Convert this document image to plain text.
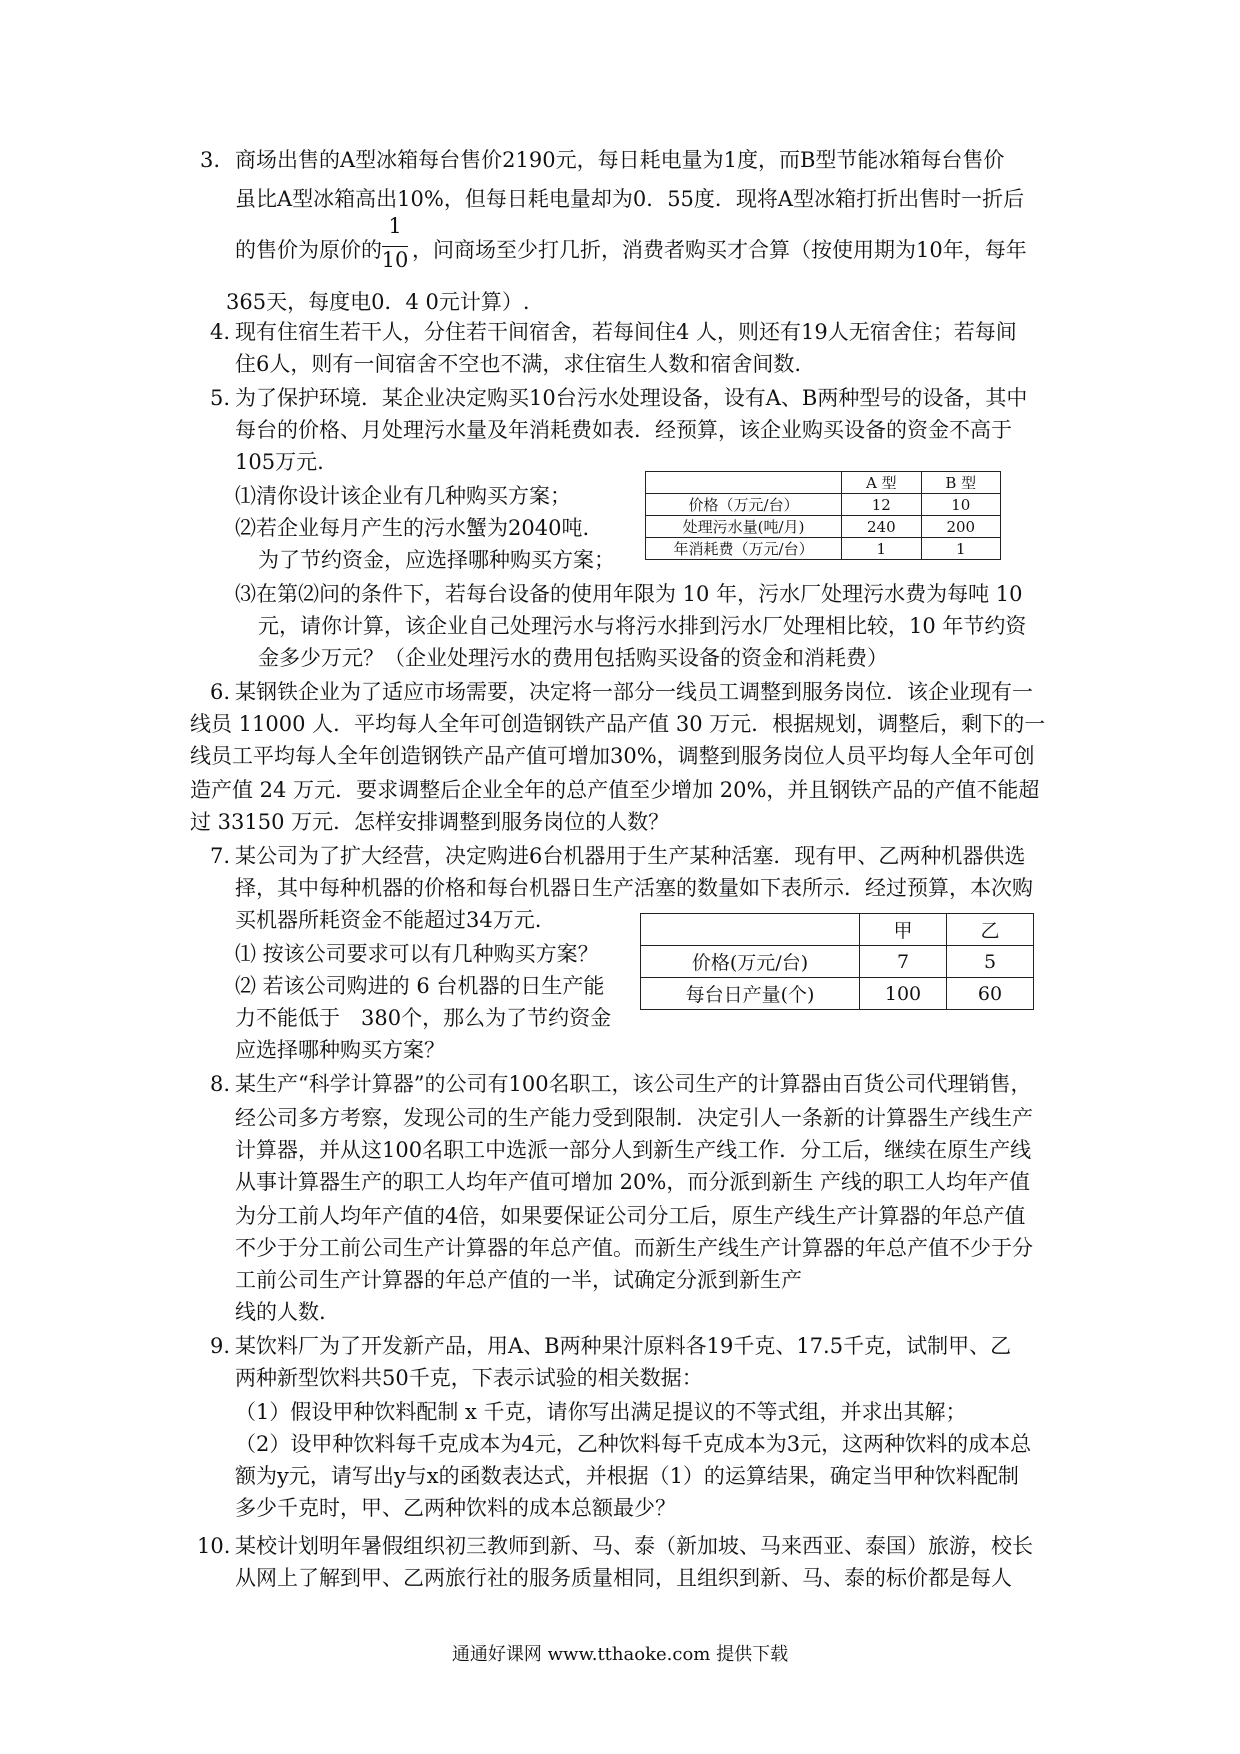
3. 商场出售的A型冰箱每台售价2190元，每日耗电量为1度，而B型节能冰箱每台售价
虽比A型冰箱高出10%，但每日耗电量却为0．55度．现将A型冰箱打折出售时一折后
的售价为原价的
1
10 ，问商场至少打几折，消费者购买才合算（按使用期为10年，每年
365天，每度电0．4 0元计算）.
4. 现有住宿生若干人，分住若干间宿舍，若每间住4 人，则还有19人无宿舍住；若每间
住6人，则有一间宿舍不空也不满，求住宿生人数和宿舍间数.
5. 为了保护环境．某企业决定购买10台污水处理设备，设有A、B两种型号的设备，其中
每台的价格、月处理污水量及年消耗费如表．经预算，该企业购买设备的资金不高于
105万元.
⑴清你设计该企业有几种购买方案；
⑵若企业每月产生的污水蟹为2040吨.
为了节约资金，应选择哪种购买方案；
	A 型	B 型
价格（万元/台）	12	10
处理污水量(吨/月)	240	200
年消耗费（万元/台）	1	1
⑶在第⑵问的条件下，若每台设备的使用年限为 10 年，污水厂处理污水费为每吨 10
元，请你计算，该企业自己处理污水与将污水排到污水厂处理相比较，10 年节约资
金多少万元？（企业处理污水的费用包括购买设备的资金和消耗费）
6. 某钢铁企业为了适应市场需要，决定将一部分一线员工调整到服务岗位．该企业现有一
线员 11000 人．平均每人全年可创造钢铁产品产值 30 万元．根据规划，调整后，剩下的一
线员工平均每人全年创造钢铁产品产值可增加30%，调整到服务岗位人员平均每人全年可创
造产值 24 万元．要求调整后企业全年的总产值至少增加 20%，并且钢铁产品的产值不能超
过 33150 万元．怎样安排调整到服务岗位的人数？
7. 某公司为了扩大经营，决定购进6台机器用于生产某种活塞．现有甲、乙两种机器供选
择，其中每种机器的价格和每台机器日生产活塞的数量如下表所示．经过预算，本次购
买机器所耗资金不能超过34万元.
⑴ 按该公司要求可以有几种购买方案？
⑵ 若该公司购进的 6 台机器的日生产能
力不能低于　380个，那么为了节约资金
应选择哪种购买方案？
	甲	乙
价格(万元/台)	7	5
每台日产量(个)	100	60
8. 某生产“科学计算器”的公司有100名职工，该公司生产的计算器由百货公司代理销售，
经公司多方考察，发现公司的生产能力受到限制．决定引人一条新的计算器生产线生产
计算器，并从这100名职工中选派一部分人到新生产线工作．分工后，继续在原生产线
从事计算器生产的职工人均年产值可增加 20%，而分派到新生 产线的职工人均年产值
为分工前人均年产值的4倍，如果要保证公司分工后，原生产线生产计算器的年总产值
不少于分工前公司生产计算器的年总产值。而新生产线生产计算器的年总产值不少于分
工前公司生产计算器的年总产值的一半，试确定分派到新生产
线的人数.
9. 某饮料厂为了开发新产品，用A、B两种果汁原料各19千克、17.5千克，试制甲、乙
两种新型饮料共50千克，下表示试验的相关数据：
（1）假设甲种饮料配制 x 千克，请你写出满足提议的不等式组，并求出其解；
（2）设甲种饮料每千克成本为4元，乙种饮料每千克成本为3元，这两种饮料的成本总
额为y元，请写出y与x的函数表达式，并根据（1）的运算结果，确定当甲种饮料配制
多少千克时，甲、乙两种饮料的成本总额最少？
10. 某校计划明年暑假组织初三教师到新、马、泰（新加坡、马来西亚、泰国）旅游，校长
从网上了解到甲、乙两旅行社的服务质量相同，且组织到新、马、泰的标价都是每人
通通好课网 www.tthaoke.com 提供下载
